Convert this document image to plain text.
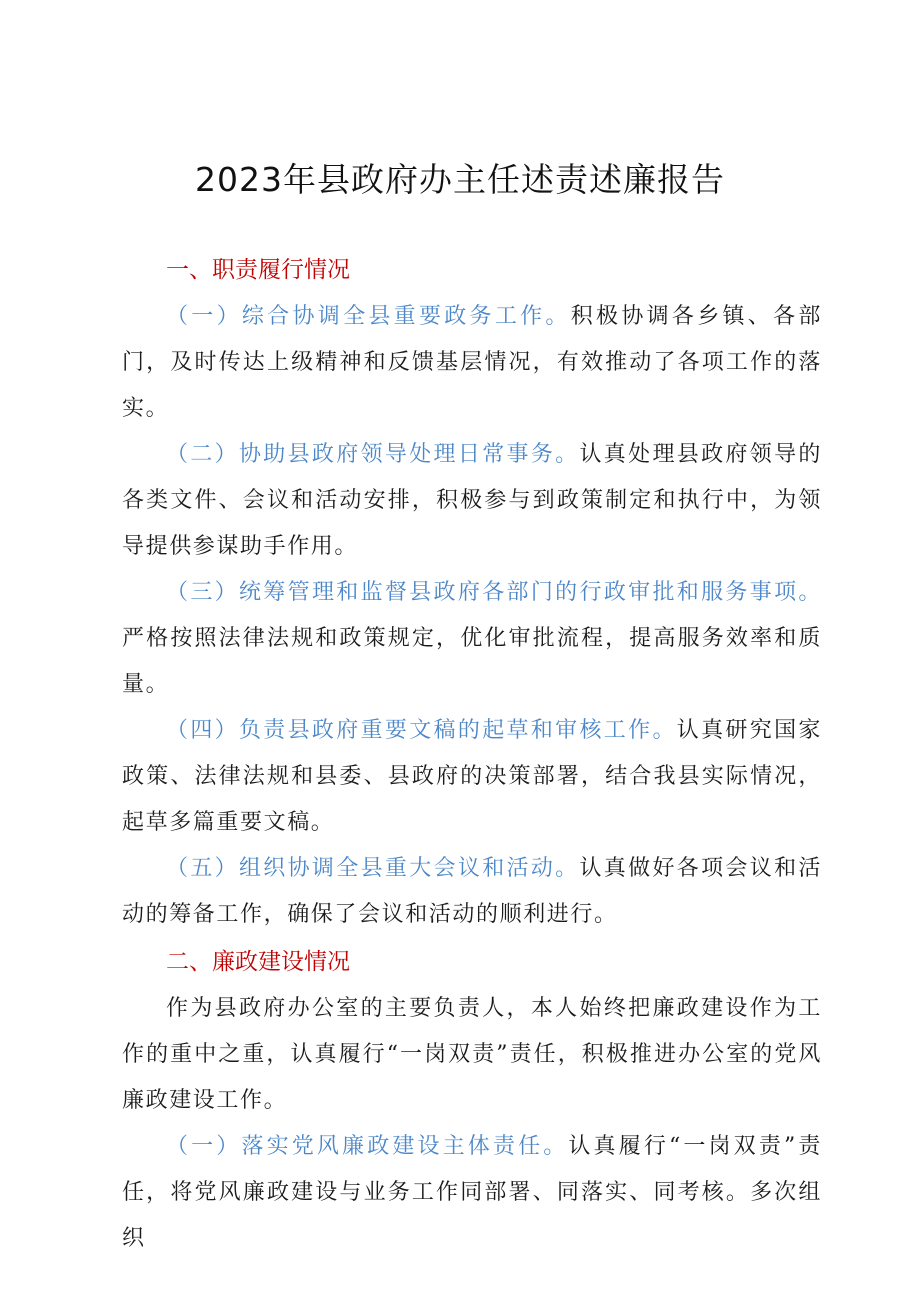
2023年县政府办主任述责述廉报告
一、职责履行情况

（一）综合协调全县重要政务工作。积极协调各乡镇、各部门，及时传达上级精神和反馈基层情况，有效推动了各项工作的落实。

（二）协助县政府领导处理日常事务。认真处理县政府领导的各类文件、会议和活动安排，积极参与到政策制定和执行中，为领导提供参谋助手作用。

（三）统筹管理和监督县政府各部门的行政审批和服务事项。严格按照法律法规和政策规定，优化审批流程，提高服务效率和质量。

（四）负责县政府重要文稿的起草和审核工作。认真研究国家政策、法律法规和县委、县政府的决策部署，结合我县实际情况，起草多篇重要文稿。

（五）组织协调全县重大会议和活动。认真做好各项会议和活动的筹备工作，确保了会议和活动的顺利进行。

二、廉政建设情况

作为县政府办公室的主要负责人，本人始终把廉政建设作为工作的重中之重，认真履行“一岗双责”责任，积极推进办公室的党风廉政建设工作。

（一）落实党风廉政建设主体责任。认真履行“一岗双责”责任，将党风廉政建设与业务工作同部署、同落实、同考核。多次组织
